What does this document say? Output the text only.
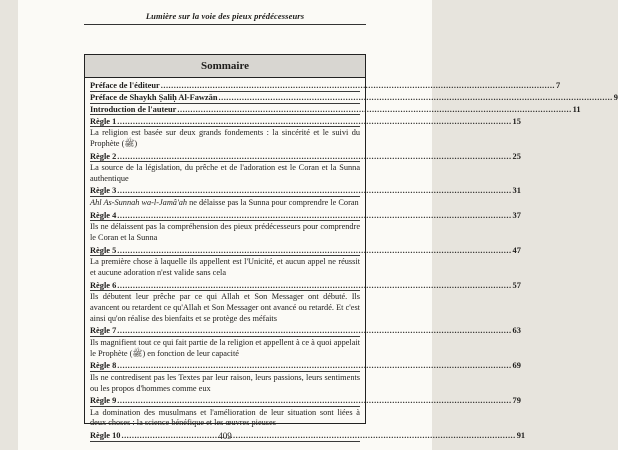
Lumière sur la voie des pieux prédécesseurs
Sommaire
Préface de l'éditeur .....	7
Préface de Shaykh Ṣaliḥ Al-Fawzān .....	9
Introduction de l'auteur .....	11
Règle 1 .....	15
La religion est basée sur deux grands fondements : la sincérité et le suivi du Prophète (ﷺ)
Règle 2 .....	25
La source de la législation, du prêche et de l'adoration est le Coran et la Sunna authentique
Règle 3 .....	31
Ahl As-Sunnah wa-l-Jamâ'ah ne délaisse pas la Sunna pour comprendre le Coran
Règle 4 .....	37
Ils ne délaissent pas la compréhension des pieux prédécesseurs pour comprendre le Coran et la Sunna
Règle 5 .....	47
La première chose à laquelle ils appellent est l'Unicité, et aucun appel ne réussit et aucune adoration n'est valide sans cela
Règle 6 .....	57
Ils débutent leur prêche par ce qui Allah et Son Messager ont débuté. Ils avancent ou retardent ce qu'Allah et Son Messager ont avancé ou retardé. Et c'est ainsi qu'on réalise des bienfaits et se protège des méfaits
Règle 7 .....	63
Ils magnifient tout ce qui fait partie de la religion et appellent à ce à quoi appelait le Prophète (ﷺ) en fonction de leur capacité
Règle 8 .....	69
Ils ne contredisent pas les Textes par leur raison, leurs passions, leurs sentiments ou les propos d'hommes comme eux
Règle 9 .....	79
La domination des musulmans et l'amélioration de leur situation sont liées à deux choses : la science bénéfique et les œuvres pieuses
Règle 10 .....	91
409
